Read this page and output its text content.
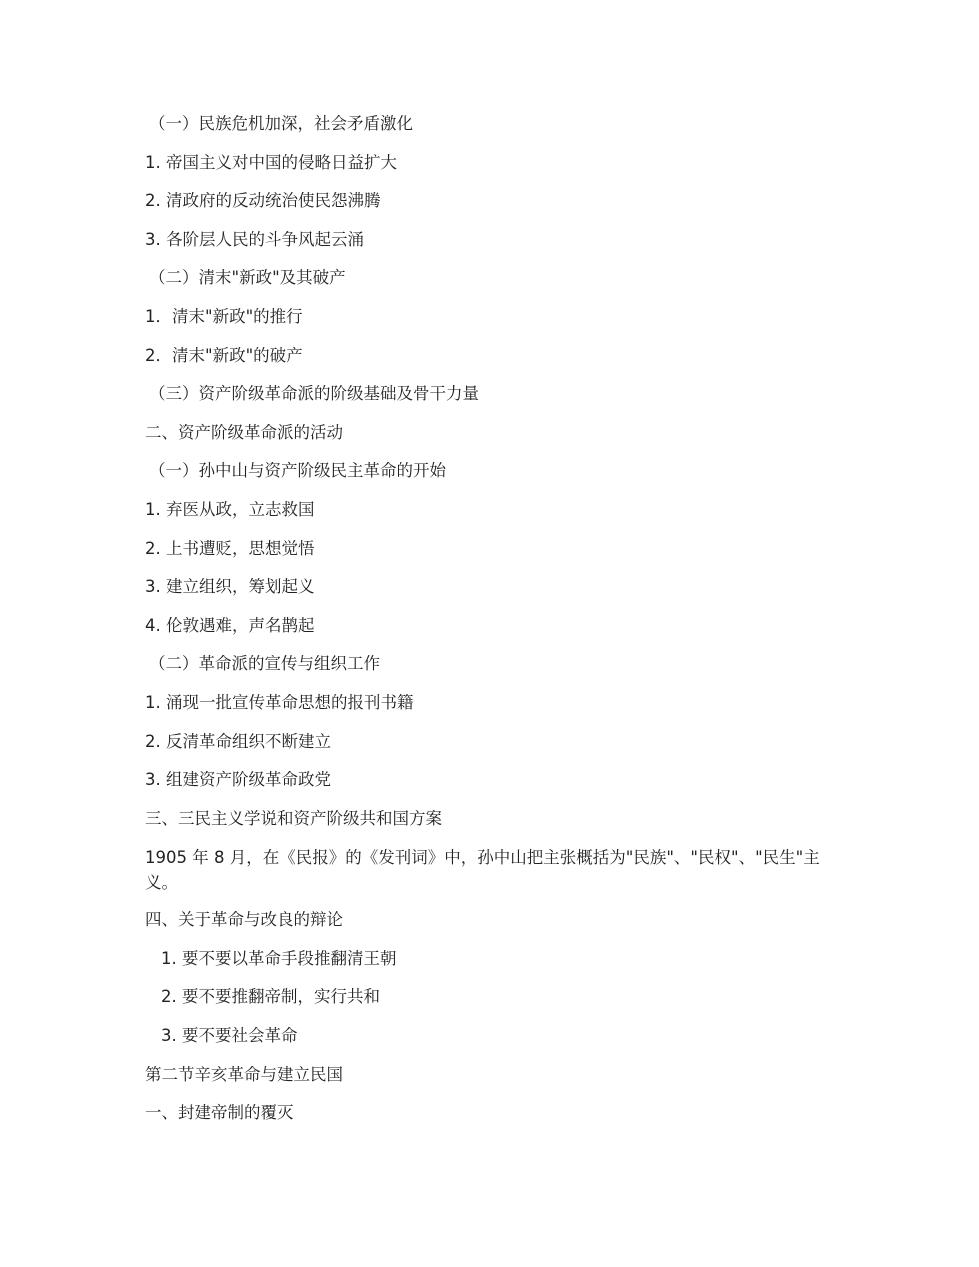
（一）民族危机加深，社会矛盾激化
1. 帝国主义对中国的侵略日益扩大
2. 清政府的反动统治使民怨沸腾
3. 各阶层人民的斗争风起云涌
（二）清末"新政"及其破产
1．清末"新政"的推行
2．清末"新政"的破产
（三）资产阶级革命派的阶级基础及骨干力量
二、资产阶级革命派的活动
（一）孙中山与资产阶级民主革命的开始
1. 弃医从政，立志救国
2. 上书遭贬，思想觉悟
3. 建立组织，筹划起义
4. 伦敦遇难，声名鹊起
（二）革命派的宣传与组织工作
1. 涌现一批宣传革命思想的报刊书籍
2. 反清革命组织不断建立
3. 组建资产阶级革命政党
三、三民主义学说和资产阶级共和国方案
1905 年 8 月，在《民报》的《发刊词》中，孙中山把主张概括为"民族"、"民权"、"民生"主义。
四、关于革命与改良的辩论
1. 要不要以革命手段推翻清王朝
2. 要不要推翻帝制，实行共和
3. 要不要社会革命
第二节辛亥革命与建立民国
一、封建帝制的覆灭
